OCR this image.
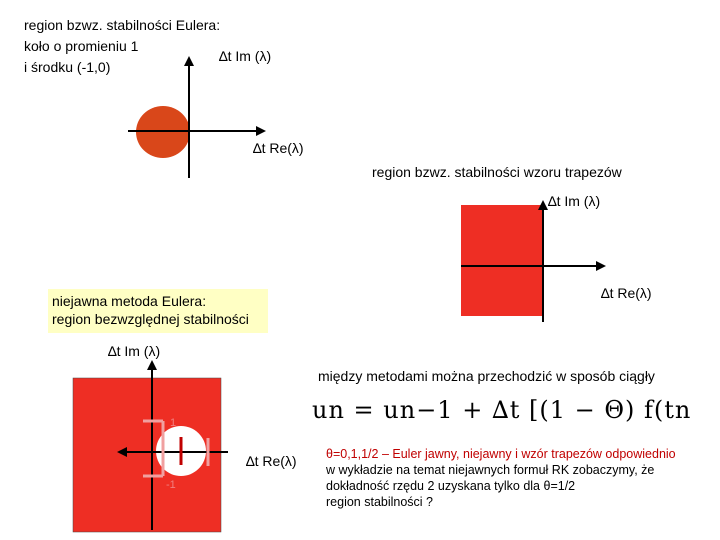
1
-1
region bzwz. stabilności Eulera:
koło o promieniu 1
i środku (-1,0)
∆t Im (λ)
∆t Re(λ)
region bzwz. stabilności wzoru trapezów
∆t Im (λ)
∆t Re(λ)
niejawna metoda Eulera:
region bezwzględnej stabilności
∆t Im (λ)
∆t Re(λ)
między metodami można przechodzić w sposób ciągły
un = un−1 + ∆t [(1 − Θ) f(tn
θ=0,1,1/2 – Euler jawny, niejawny i wzór trapezów odpowiednio
w wykładzie na temat niejawnych formuł RK zobaczymy, że
dokładność rzędu 2 uzyskana tylko dla θ=1/2
region stabilności ?
